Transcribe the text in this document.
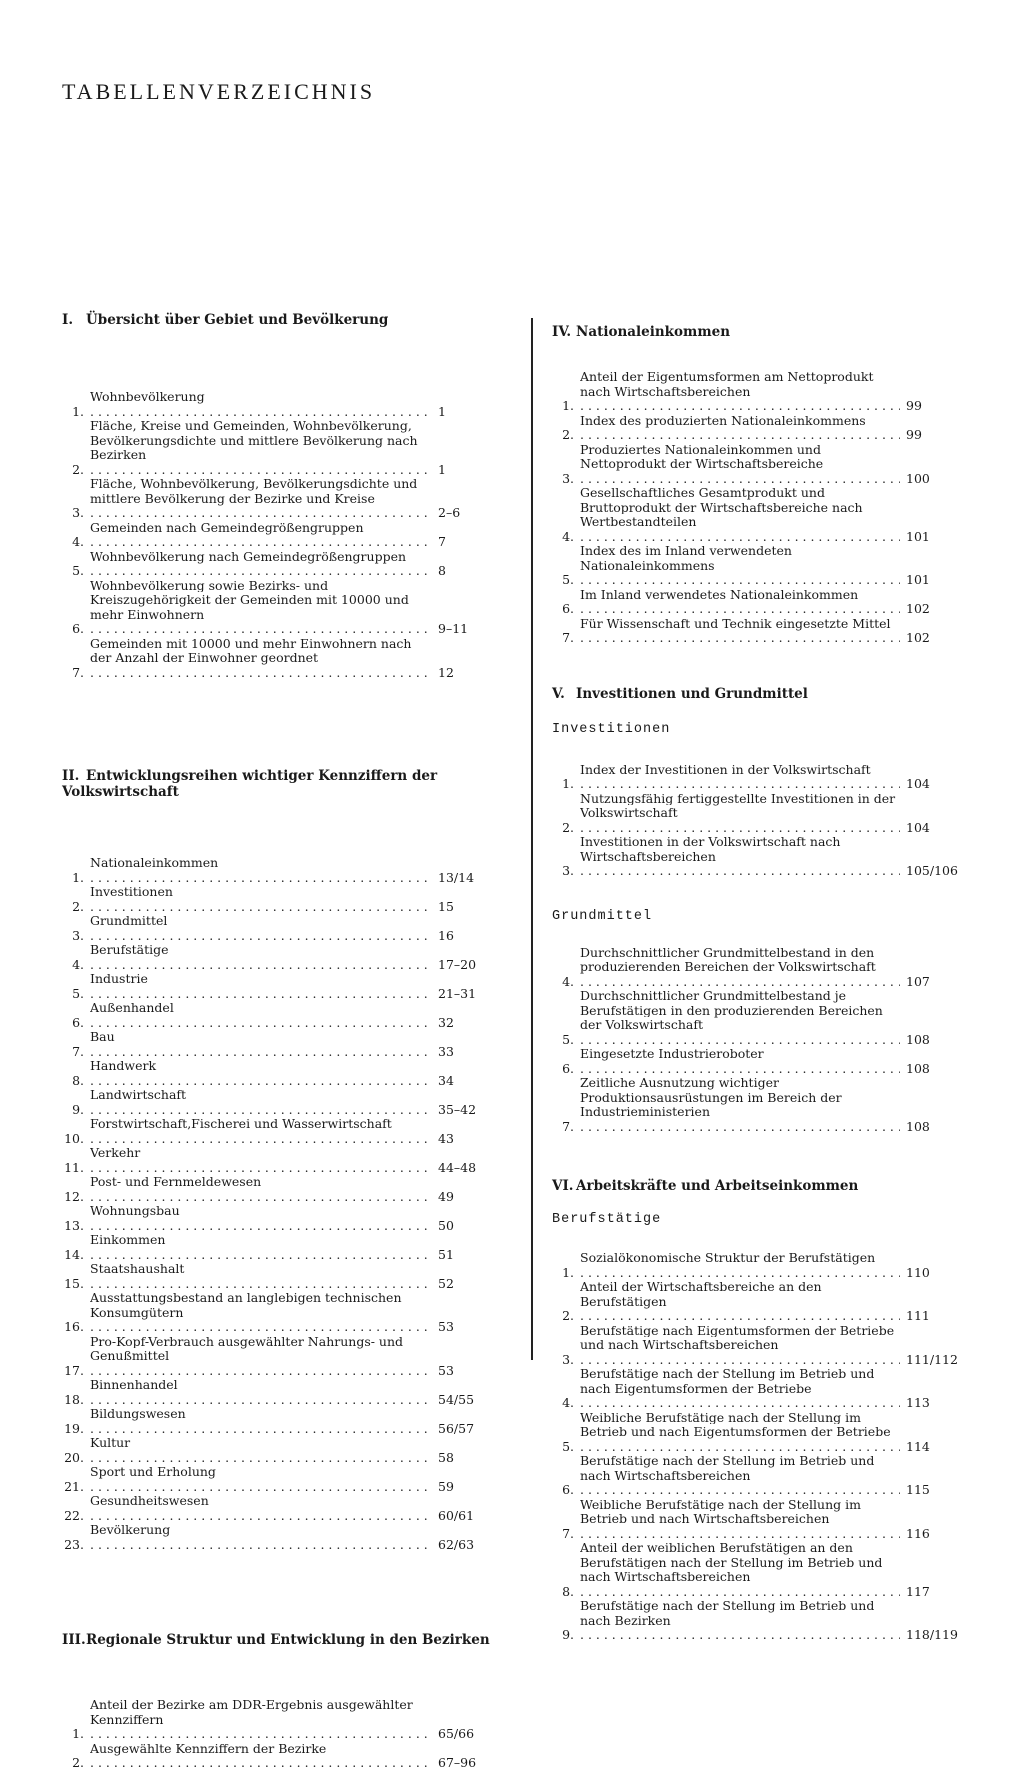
TABELLENVERZEICHNIS
I. Übersicht über Gebiet und Bevölkerung
1.
Wohnbevölkerung . . .
1
2.
Fläche, Kreise und Gemeinden, Wohnbevölkerung, Bevölkerungsdichte und mittlere Bevölkerung nach Bezirken . . .
1
3.
Fläche, Wohnbevölkerung, Bevölkerungsdichte und mittlere Bevölkerung der Bezirke und Kreise . . .
2–6
4.
Gemeinden nach Gemeindegrößengruppen . . .
7
5.
Wohnbevölkerung nach Gemeindegrößengruppen . . .
8
6.
Wohnbevölkerung sowie Bezirks- und Kreiszugehörigkeit der Gemeinden mit 10000 und mehr Einwohnern . . .
9–11
7.
Gemeinden mit 10000 und mehr Einwohnern nach der Anzahl der Einwohner geordnet . . .
12
II. Entwicklungsreihen wichtiger Kennziffern der Volkswirtschaft
1.
Nationaleinkommen . . .
13/14
2.
Investitionen . . .
15
3.
Grundmittel . . .
16
4.
Berufstätige . . .
17–20
5.
Industrie . . .
21–31
6.
Außenhandel . . .
32
7.
Bau . . .
33
8.
Handwerk . . .
34
9.
Landwirtschaft . . .
35–42
10.
Forstwirtschaft,Fischerei und Wasserwirtschaft . . .
43
11.
Verkehr . . .
44–48
12.
Post- und Fernmeldewesen . . .
49
13.
Wohnungsbau . . .
50
14.
Einkommen . . .
51
15.
Staatshaushalt . . .
52
16.
Ausstattungsbestand an langlebigen technischen Konsumgütern . . .
53
17.
Pro-Kopf-Verbrauch ausgewählter Nahrungs- und Genußmittel . . .
53
18.
Binnenhandel . . .
54/55
19.
Bildungswesen . . .
56/57
20.
Kultur . . .
58
21.
Sport und Erholung . . .
59
22.
Gesundheitswesen . . .
60/61
23.
Bevölkerung . . .
62/63
III.Regionale Struktur und Entwicklung in den Bezirken
1.
Anteil der Bezirke am DDR-Ergebnis ausgewählter Kennziffern . . .
65/66
2.
Ausgewählte Kennziffern der Bezirke . . .
67–96
IV. Nationaleinkommen
1.
Anteil der Eigentumsformen am Nettoprodukt nach Wirtschaftsbereichen . . .
99
2.
Index des produzierten Nationaleinkommens . . .
99
3.
Produziertes Nationaleinkommen und Nettoprodukt der Wirtschaftsbereiche . . .
100
4.
Gesellschaftliches Gesamtprodukt und Bruttoprodukt der Wirtschaftsbereiche nach Wertbestandteilen . . .
101
5.
Index des im Inland verwendeten Nationaleinkommens . . .
101
6.
Im Inland verwendetes Nationaleinkommen . . .
102
7.
Für Wissenschaft und Technik eingesetzte Mittel . . .
102
V. Investitionen und Grundmittel

Investitionen

1.
Index der Investitionen in der Volkswirtschaft . . .
104
2.
Nutzungsfähig fertiggestellte Investitionen in der Volkswirtschaft . . .
104
3.
Investitionen in der Volkswirtschaft nach Wirtschaftsbereichen . . .
105/106

Grundmittel

4.
Durchschnittlicher Grundmittelbestand in den produzierenden Bereichen der Volkswirtschaft . . .
107
5.
Durchschnittlicher Grundmittelbestand je Berufstätigen in den produzierenden Bereichen der Volkswirtschaft . . .
108
6.
Eingesetzte Industrieroboter . . .
108
7.
Zeitliche Ausnutzung wichtiger Produktionsausrüstungen im Bereich der Industrieministerien . . .
108
VI. Arbeitskräfte und Arbeitseinkommen

Berufstätige

1.
Sozialökonomische Struktur der Berufstätigen . . .
110
2.
Anteil der Wirtschaftsbereiche an den Berufstätigen . . .
111
3.
Berufstätige nach Eigentumsformen der Betriebe und nach Wirtschaftsbereichen . . .
111/112
4.
Berufstätige nach der Stellung im Betrieb und nach Eigentumsformen der Betriebe . . .
113
5.
Weibliche Berufstätige nach der Stellung im Betrieb und nach Eigentumsformen der Betriebe . . .
114
6.
Berufstätige nach der Stellung im Betrieb und nach Wirtschaftsbereichen . . .
115
7.
Weibliche Berufstätige nach der Stellung im Betrieb und nach Wirtschaftsbereichen . . .
116
8.
Anteil der weiblichen Berufstätigen an den Berufstätigen nach der Stellung im Betrieb und nach Wirtschaftsbereichen . . .
117
9.
Berufstätige nach der Stellung im Betrieb und nach Bezirken . . .
118/119
